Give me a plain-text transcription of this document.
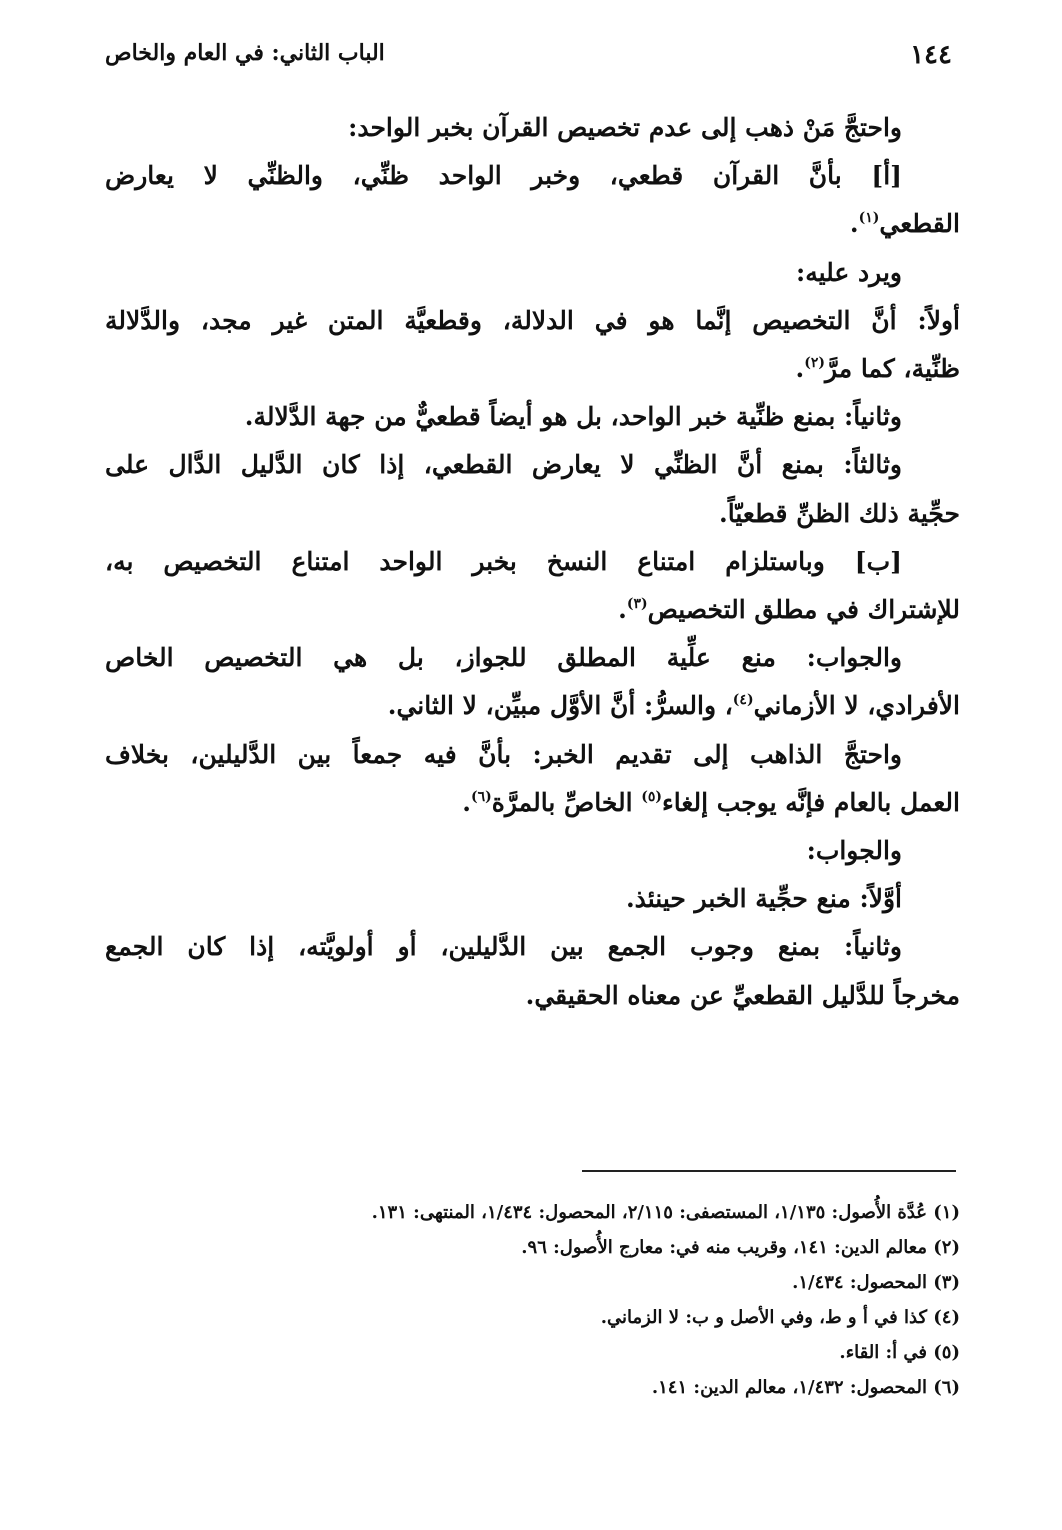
١٤٤
الباب الثاني: في العام والخاص
واحتجَّ مَنْ ذهب إلى عدم تخصيص القرآن بخبر الواحد:
[أ] بأنَّ القرآن قطعي، وخبر الواحد ظنِّي، والظنِّي لا يعارض
القطعي$^{(١)}$.
ويرد عليه:
أولاً: أنَّ التخصيص إنَّما هو في الدلالة، وقطعيَّة المتن غير مجد، والدَّلالة
ظنِّية، كما مرَّ$^{(٢)}$.
وثانياً: بمنع ظنِّية خبر الواحد، بل هو أيضاً قطعيٌّ من جهة الدَّلالة.
وثالثاً: بمنع أنَّ الظنِّي لا يعارض القطعي، إذا كان الدَّليل الدَّال على
حجِّية ذلك الظنِّ قطعيّاً.
[ب] وباستلزام امتناع النسخ بخبر الواحد امتناع التخصيص به،
للإشتراك في مطلق التخصيص$^{(٣)}$.
والجواب: منع علِّية المطلق للجواز، بل هي التخصيص الخاص
الأفرادي، لا الأزماني$^{(٤)}$، والسرُّ: أنَّ الأوَّل مبيِّن، لا الثاني.
واحتجَّ الذاهب إلى تقديم الخبر: بأنَّ فيه جمعاً بين الدَّليلين، بخلاف
العمل بالعام فإنَّه يوجب إلغاء$^{(٥)}$ الخاصِّ بالمرَّة$^{(٦)}$.
والجواب:
أوَّلاً: منع حجِّية الخبر حينئذ.
وثانياً: بمنع وجوب الجمع بين الدَّليلين، أو أولويَّته، إذا كان الجمع
مخرجاً للدَّليل القطعيِّ عن معناه الحقيقي.
(١) عُدَّة الأُصول: ١/١٣٥، المستصفى: ٢/١١٥، المحصول: ١/٤٣٤، المنتهى: ١٣١.
(٢) معالم الدين: ١٤١، وقريب منه في: معارج الأُصول: ٩٦.
(٣) المحصول: ١/٤٣٤.
(٤) كذا في أ و ط، وفي الأصل و ب: لا الزماني.
(٥) في أ: القاء.
(٦) المحصول: ١/٤٣٢، معالم الدين: ١٤١.
